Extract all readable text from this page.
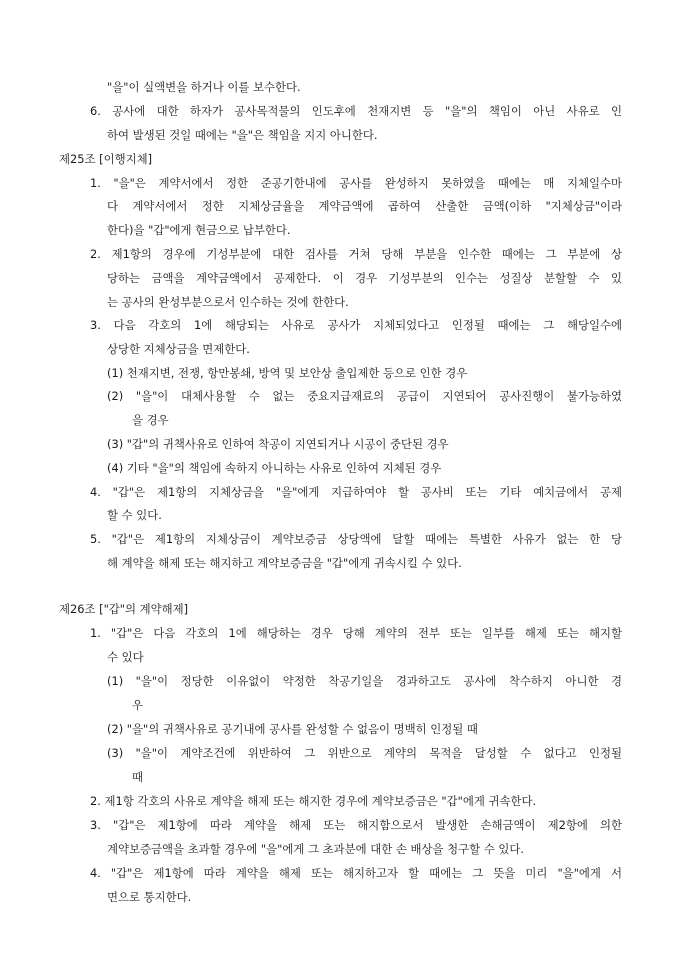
"을"이 실액변을 하거나 이를 보수한다.
6. 공사에 대한 하자가 공사목적물의 인도후에 천재지변 등 "을"의 책임이 아닌 사유로 인
하여 발생된 것일 때에는 "을"은 책임을 지지 아니한다.
제25조 [이행지체]
1. "을"은 계약서에서 정한 준공기한내에 공사를 완성하지 못하였을 때에는 매 지체일수마
다 계약서에서 정한 지체상금율을 계약금액에 곱하여 산출한 금액(이하 "지체상금"이라
한다)을 "갑"에게 현금으로 납부한다.
2. 제1항의 경우에 기성부분에 대한 검사를 거쳐 당해 부분을 인수한 때에는 그 부분에 상
당하는 금액을 계약금액에서 공제한다. 이 경우 기성부분의 인수는 성질상 분할할 수 있
는 공사의 완성부분으로서 인수하는 것에 한한다.
3. 다음 각호의 1에 해당되는 사유로 공사가 지체되었다고 인정될 때에는 그 해당일수에
상당한 지체상금을 면제한다.
(1) 천재지변, 전쟁, 항만봉쇄, 방역 및 보안상 출입제한 등으로 인한 경우
(2) "을"이 대체사용할 수 없는 중요지급재료의 공급이 지연되어 공사진행이 불가능하였
을 경우
(3) "갑"의 귀책사유로 인하여 착공이 지연되거나 시공이 중단된 경우
(4) 기타 "을"의 책임에 속하지 아니하는 사유로 인하여 지체된 경우
4. "갑"은 제1항의 지체상금을 "을"에게 지급하여야 할 공사비 또는 기타 예치금에서 공제
할 수 있다.
5. "갑"은 제1항의 지체상금이 계약보증금 상당액에 달할 때에는 특별한 사유가 없는 한 당
해 계약을 해제 또는 해지하고 계약보증금을 "갑"에게 귀속시킬 수 있다.
제26조 ["갑"의 계약해제]
1. "갑"은 다음 각호의 1에 해당하는 경우 당해 계약의 전부 또는 일부를 해제 또는 해지할
수 있다
(1) "을"이 정당한 이유없이 약정한 착공기일을 경과하고도 공사에 착수하지 아니한 경
우
(2) "을"의 귀책사유로 공기내에 공사를 완성할 수 없음이 명백히 인정될 때
(3) "을"이 계약조건에 위반하여 그 위반으로 계약의 목적을 달성할 수 없다고 인정될
때
2. 제1항 각호의 사유로 계약을 해제 또는 해지한 경우에 계약보증금은 "갑"에게 귀속한다.
3. "갑"은 제1항에 따라 계약을 해제 또는 해지함으로서 발생한 손해금액이 제2항에 의한
계약보증금액을 초과할 경우에 "을"에게 그 초과분에 대한 손 배상을 청구할 수 있다.
4. "갑"은 제1항에 따라 계약을 해제 또는 해지하고자 할 때에는 그 뜻을 미리 "을"에게 서
면으로 통지한다.
